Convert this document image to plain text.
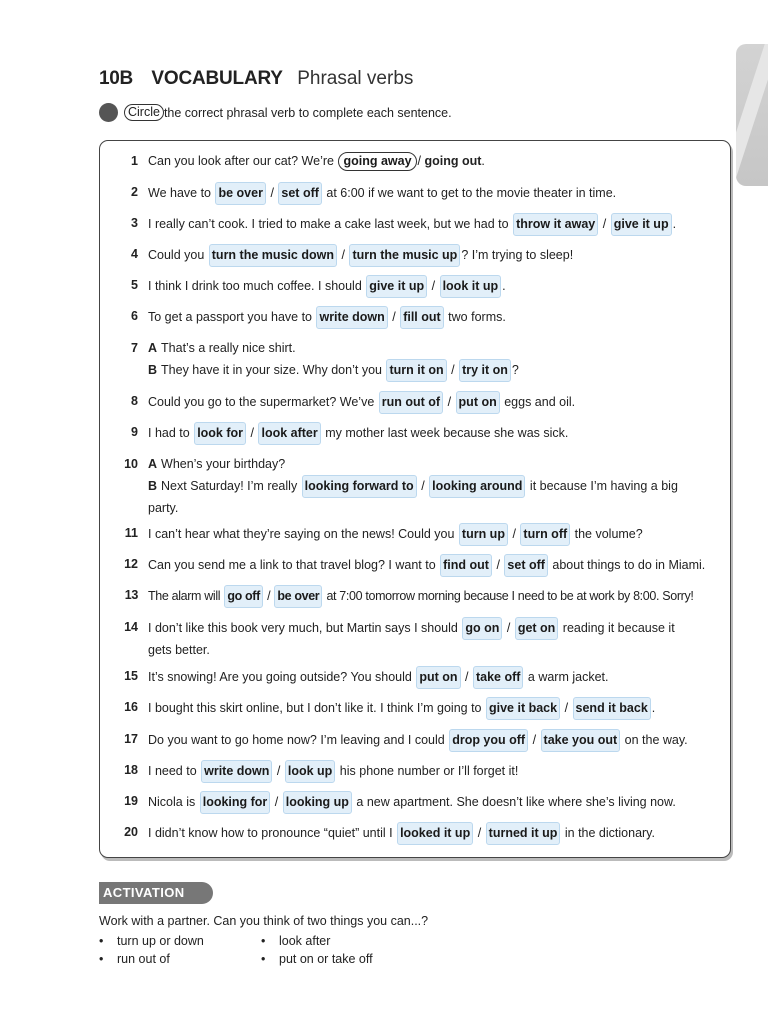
10B VOCABULARY Phrasal verbs
Circle the correct phrasal verb to complete each sentence.
1 Can you look after our cat? We’re going away / going out.
2 We have to be over / set off at 6:00 if we want to get to the movie theater in time.
3 I really can’t cook. I tried to make a cake last week, but we had to throw it away / give it up .
4 Could you turn the music down / turn the music up ? I’m trying to sleep!
5 I think I drink too much coffee. I should give it up / look it up .
6 To get a passport you have to write down / fill out two forms.
7 A That’s a really nice shirt.
B They have it in your size. Why don’t you turn it on / try it on ?
8 Could you go to the supermarket? We’ve run out of / put on eggs and oil.
9 I had to look for / look after my mother last week because she was sick.
10 A When’s your birthday?
B Next Saturday! I’m really looking forward to / looking around it because I’m having a big party.
11 I can’t hear what they’re saying on the news! Could you turn up / turn off the volume?
12 Can you send me a link to that travel blog? I want to find out / set off about things to do in Miami.
13 The alarm will go off / be over at 7:00 tomorrow morning because I need to be at work by 8:00. Sorry!
14 I don’t like this book very much, but Martin says I should go on / get on reading it because it gets better.
15 It’s snowing! Are you going outside? You should put on / take off a warm jacket.
16 I bought this skirt online, but I don’t like it. I think I’m going to give it back / send it back .
17 Do you want to go home now? I’m leaving and I could drop you off / take you out on the way.
18 I need to write down / look up his phone number or I’ll forget it!
19 Nicola is looking for / looking up a new apartment. She doesn’t like where she’s living now.
20 I didn’t know how to pronounce “quiet” until I looked it up / turned it up in the dictionary.
ACTIVATION
Work with a partner. Can you think of two things you can...?
• turn up or down	• look after
• run out of	• put on or take off
